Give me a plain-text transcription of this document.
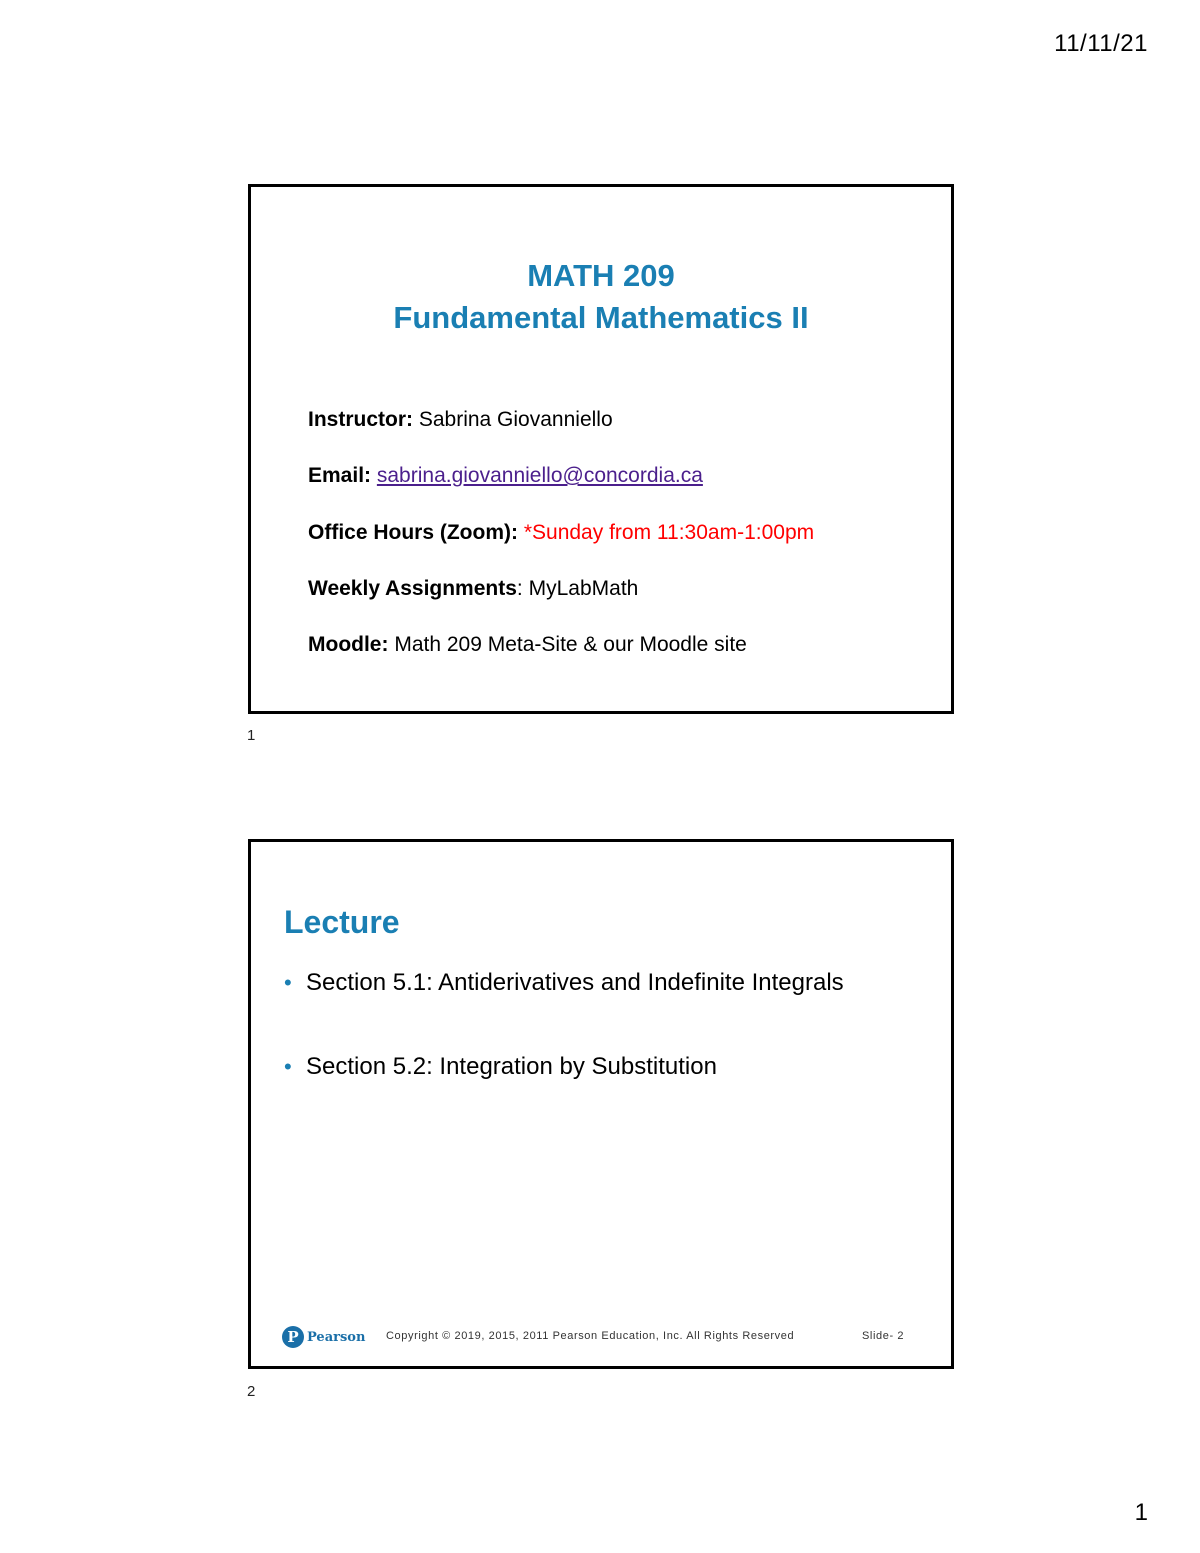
11/11/21
MATH 209
Fundamental Mathematics II
Instructor: Sabrina Giovanniello
Email: sabrina.giovanniello@concordia.ca
Office Hours (Zoom): *Sunday from 11:30am-1:00pm
Weekly Assignments: MyLabMath
Moodle: Math 209 Meta-Site & our Moodle site
1
Lecture
• Section 5.1: Antiderivatives and Indefinite Integrals
• Section 5.2: Integration by Substitution
P Pearson Copyright © 2019, 2015, 2011 Pearson Education, Inc. All Rights Reserved	Slide- 2
2
1
